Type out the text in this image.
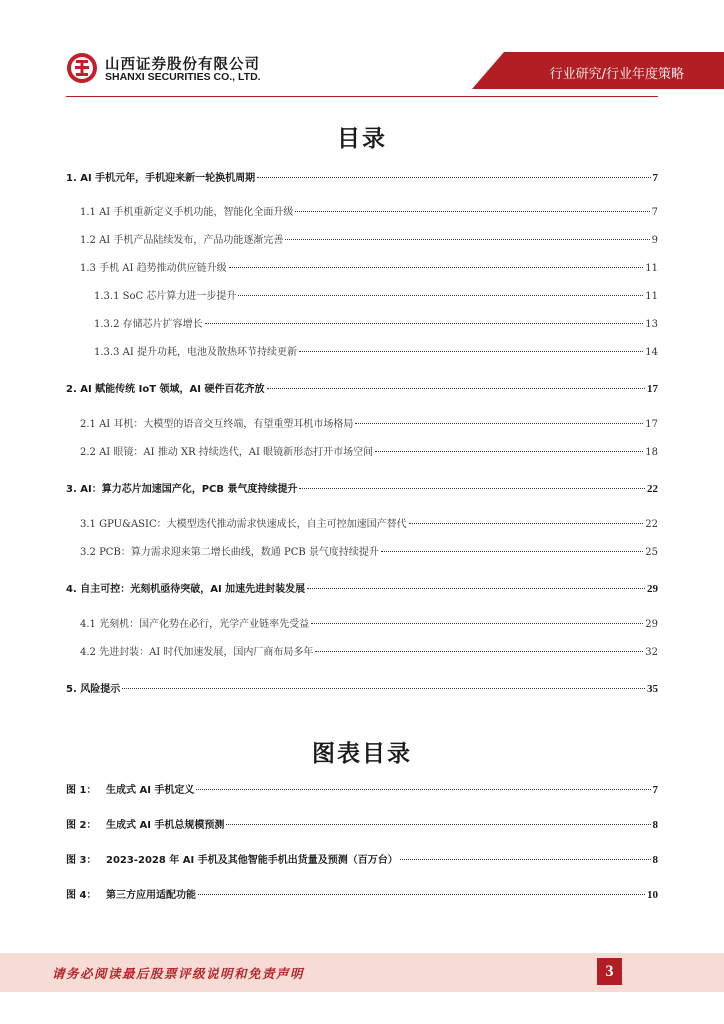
山西证券股份有限公司
SHANXI SECURITIES CO., LTD.	行业研究/行业年度策略
目录
1. AI 手机元年，手机迎来新一轮换机周期	7
1.1 AI 手机重新定义手机功能，智能化全面升级	7
1.2 AI 手机产品陆续发布，产品功能逐渐完善	9
1.3 手机 AI 趋势推动供应链升级	11
1.3.1 SoC 芯片算力进一步提升	11
1.3.2 存储芯片扩容增长	13
1.3.3 AI 提升功耗，电池及散热环节持续更新	14
2. AI 赋能传统 IoT 领域，AI 硬件百花齐放	17
2.1 AI 耳机：大模型的语音交互终端，有望重塑耳机市场格局	17
2.2 AI 眼镜：AI 推动 XR 持续迭代，AI 眼镜新形态打开市场空间	18
3. AI：算力芯片加速国产化，PCB 景气度持续提升	22
3.1 GPU&ASIC：大模型迭代推动需求快速成长，自主可控加速国产替代	22
3.2 PCB：算力需求迎来第二增长曲线，数通 PCB 景气度持续提升	25
4. 自主可控：光刻机亟待突破，AI 加速先进封装发展	29
4.1 光刻机：国产化势在必行，光学产业链率先受益	29
4.2 先进封装：AI 时代加速发展，国内厂商布局多年	32
5. 风险提示	35
图表目录
图 1： 生成式 AI 手机定义	7
图 2： 生成式 AI 手机总规模预测	8
图 3： 2023-2028 年 AI 手机及其他智能手机出货量及预测（百万台）	8
图 4： 第三方应用适配功能	10
请务必阅读最后股票评级说明和免责声明	3
